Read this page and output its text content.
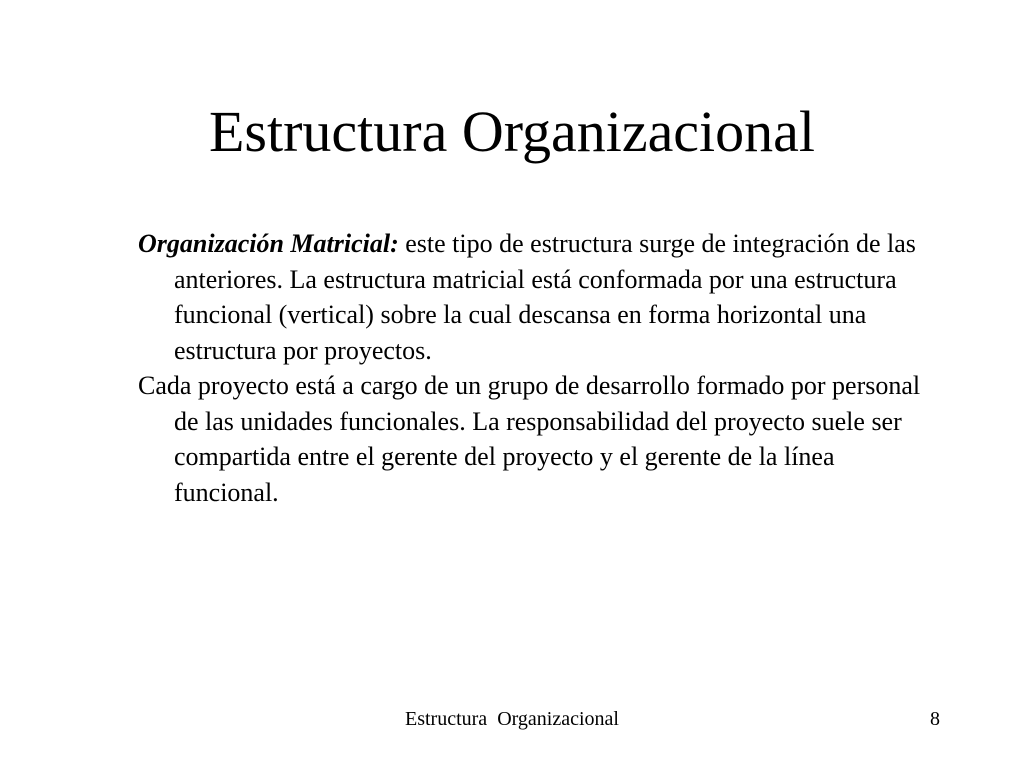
Estructura Organizacional

Organización Matricial: este tipo de estructura surge de integración de las anteriores. La estructura matricial está conformada por una estructura funcional (vertical) sobre la cual descansa en forma horizontal una estructura por proyectos.

Cada proyecto está a cargo de un grupo de desarrollo formado por personal de las unidades funcionales. La responsabilidad del proyecto suele ser compartida entre el gerente del proyecto y el gerente de la línea funcional.

Estructura  Organizacional	8
